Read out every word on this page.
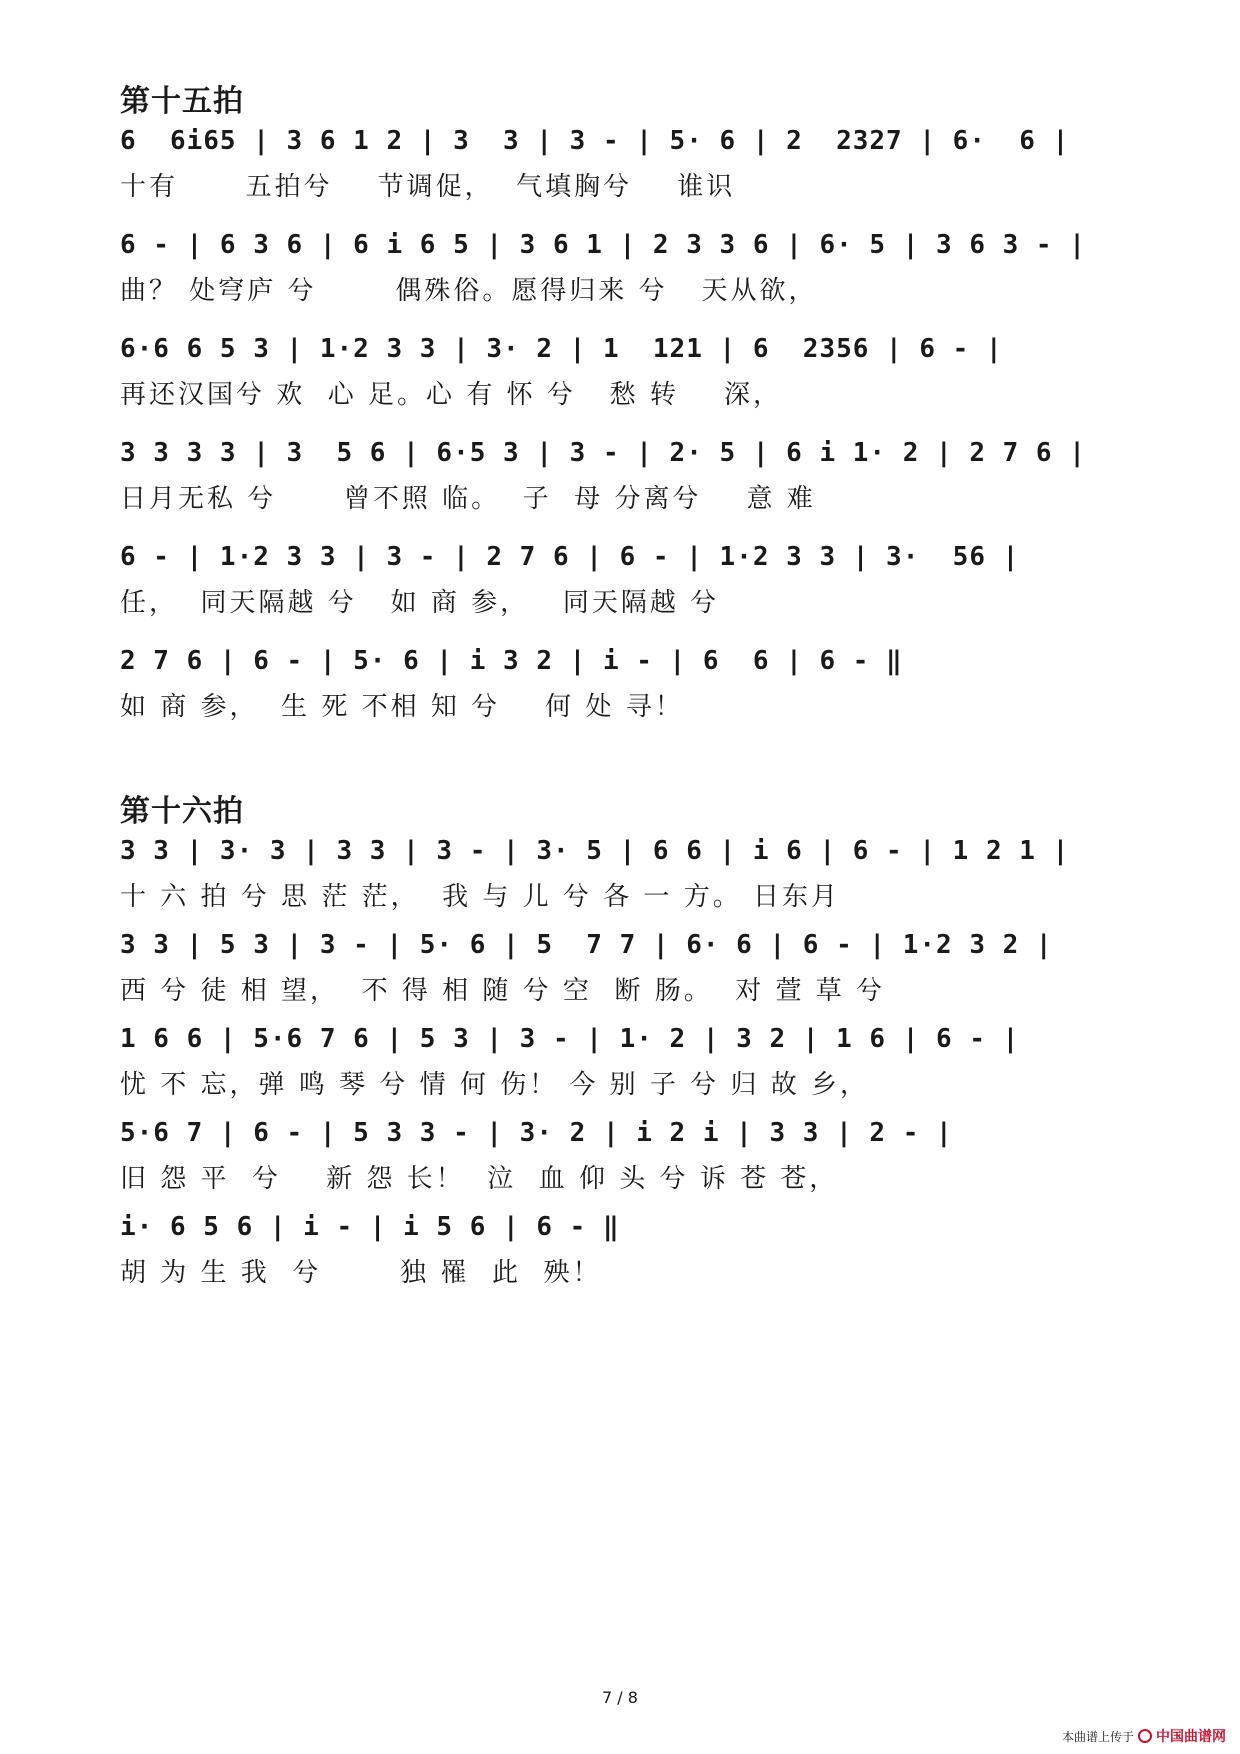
第十五拍
6  6i65 | 3 6 1 2 | 3  3 | 3 - | 5· 6 | 2  2327 | 6·  6 |
十有      五拍兮    节调促，  气填胸兮    谁识
6 - | 6 3 6 | 6 i 6 5 | 3 6 1 | 2 3 3 6 | 6· 5 | 3 6 3 - |
曲？ 处穹庐 兮       偶殊俗。愿得归来 兮   天从欲，
6·6 6 5 3 | 1·2 3 3 | 3· 2 | 1  121 | 6  2356 | 6 - |
再还汉国兮 欢  心 足。心 有 怀 兮   愁 转    深，
3 3 3 3 | 3  5 6 | 6·5 3 | 3 - | 2· 5 | 6 i 1· 2 | 2 7 6 |
日月无私 兮      曾不照 临。  子  母 分离兮    意 难
6 - | 1·2 3 3 | 3 - | 2 7 6 | 6 - | 1·2 3 3 | 3·  56 |
任，  同天隔越 兮   如 商 参，   同天隔越 兮
2 7 6 | 6 - | 5· 6 | i 3 2 | i - | 6  6 | 6 - ‖
如 商 参，  生 死 不相 知 兮    何 处 寻！
第十六拍
3 3 | 3· 3 | 3 3 | 3 - | 3· 5 | 6 6 | i 6 | 6 - | 1 2 1 |
十 六 拍 兮 思 茫 茫，  我 与 儿 兮 各 一 方。 日东月
3 3 | 5 3 | 3 - | 5· 6 | 5  7 7 | 6· 6 | 6 - | 1·2 3 2 |
西 兮 徒 相 望，  不 得 相 随 兮 空  断 肠。  对 萱 草 兮
1 6 6 | 5·6 7 6 | 5 3 | 3 - | 1· 2 | 3 2 | 1 6 | 6 - |
忧 不 忘，弹 鸣 琴 兮 情 何 伤！ 今 别 子 兮 归 故 乡，
5·6 7 | 6 - | 5 3 3 - | 3· 2 | i 2 i | 3 3 | 2 - |
旧 怨 平  兮    新 怨 长！  泣  血 仰 头 兮 诉 苍 苍，
i· 6 5 6 | i - | i 5 6 | 6 - ‖
胡 为 生 我  兮       独 罹  此  殃！
7 / 8
本曲谱上传于 中国曲谱网
